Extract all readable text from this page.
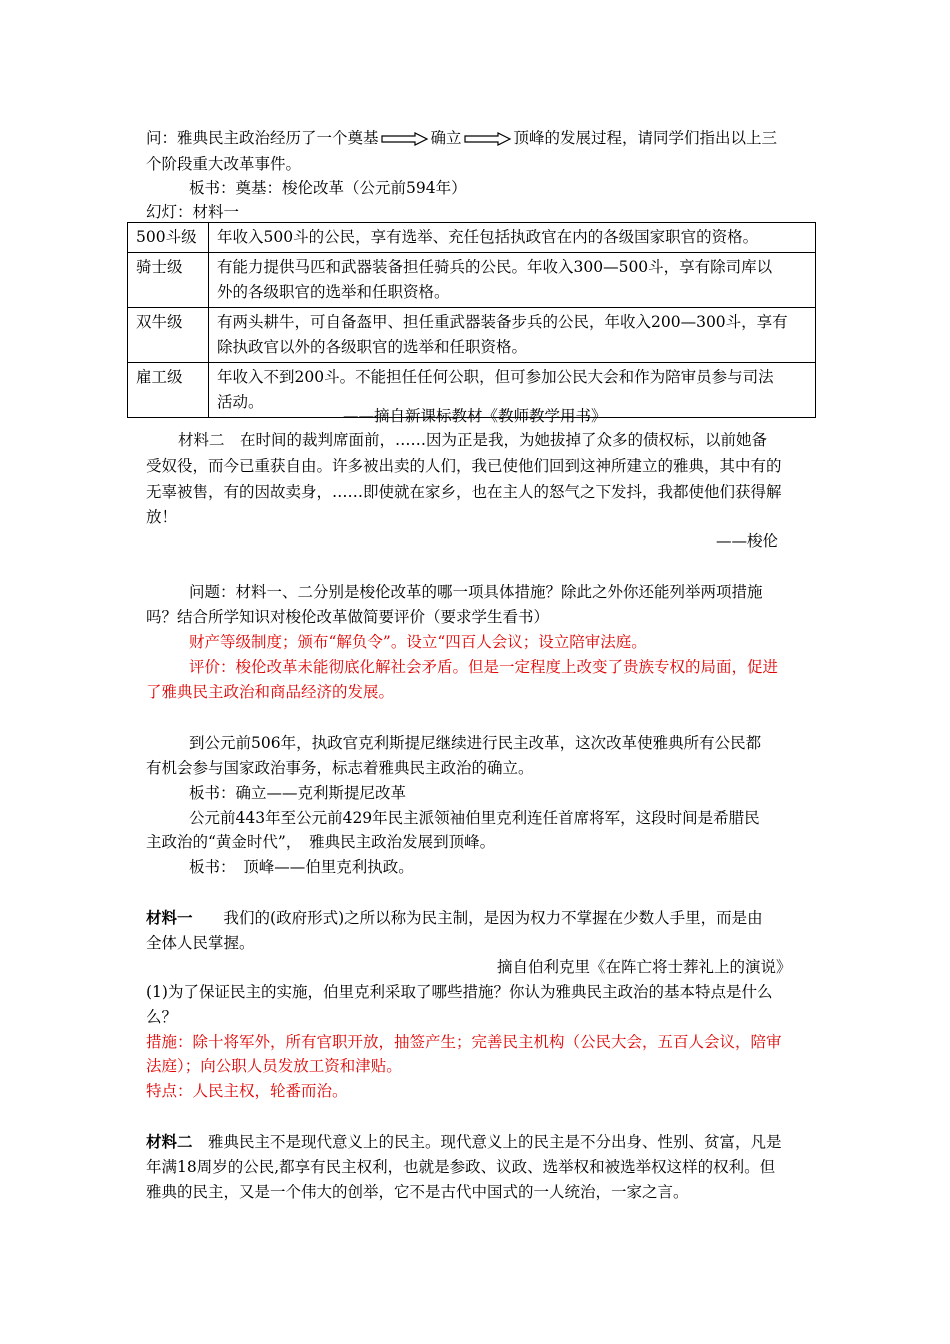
问：雅典民主政治经历了一个奠基	确立	顶峰的发展过程，请同学们指出以上三
个阶段重大改革事件。
板书：奠基：梭伦改革（公元前594年）
幻灯：材料一
500斗级	年收入500斗的公民，享有选举、充任包括执政官在内的各级国家职官的资格。

骑士级	有能力提供马匹和武器装备担任骑兵的公民。年收入300—500斗，享有除司库以
外的各级职官的选举和任职资格。

双牛级	有两头耕牛，可自备盔甲、担任重武器装备步兵的公民，年收入200—300斗，享有
除执政官以外的各级职官的选举和任职资格。

雇工级	年收入不到200斗。不能担任任何公职，但可参加公民大会和作为陪审员参与司法
活动。
——摘自新课标教材《教师教学用书》
材料二　在时间的裁判席面前，……因为正是我，为她拔掉了众多的债权标，以前她备
受奴役，而今已重获自由。许多被出卖的人们，我已使他们回到这神所建立的雅典，其中有的
无辜被售，有的因故卖身，……即使就在家乡，也在主人的怒气之下发抖，我都使他们获得解
放！
——梭伦
问题：材料一、二分别是梭伦改革的哪一项具体措施？除此之外你还能列举两项措施
吗？结合所学知识对梭伦改革做简要评价（要求学生看书）
财产等级制度；颁布“解负令”。设立“四百人会议；设立陪审法庭。
评价：梭伦改革未能彻底化解社会矛盾。但是一定程度上改变了贵族专权的局面，促进
了雅典民主政治和商品经济的发展。
到公元前506年，执政官克利斯提尼继续进行民主改革，这次改革使雅典所有公民都
有机会参与国家政治事务，标志着雅典民主政治的确立。
板书：确立——克利斯提尼改革
公元前443年至公元前429年民主派领袖伯里克利连任首席将军，这段时间是希腊民
主政治的“黄金时代”，　雅典民主政治发展到顶峰。
板书：　顶峰——伯里克利执政。
材料一　　我们的(政府形式)之所以称为民主制，是因为权力不掌握在少数人手里，而是由
全体人民掌握。
摘自伯利克里《在阵亡将士葬礼上的演说》
(1)为了保证民主的实施，伯里克利采取了哪些措施？你认为雅典民主政治的基本特点是什么
么？
措施：除十将军外，所有官职开放，抽签产生；完善民主机构（公民大会，五百人会议，陪审
法庭）；向公职人员发放工资和津贴。
特点：人民主权，轮番而治。
材料二　雅典民主不是现代意义上的民主。现代意义上的民主是不分出身、性别、贫富，凡是
年满18周岁的公民,都享有民主权利，也就是参政、议政、选举权和被选举权这样的权利。但
雅典的民主，又是一个伟大的创举，它不是古代中国式的一人统治，一家之言。
